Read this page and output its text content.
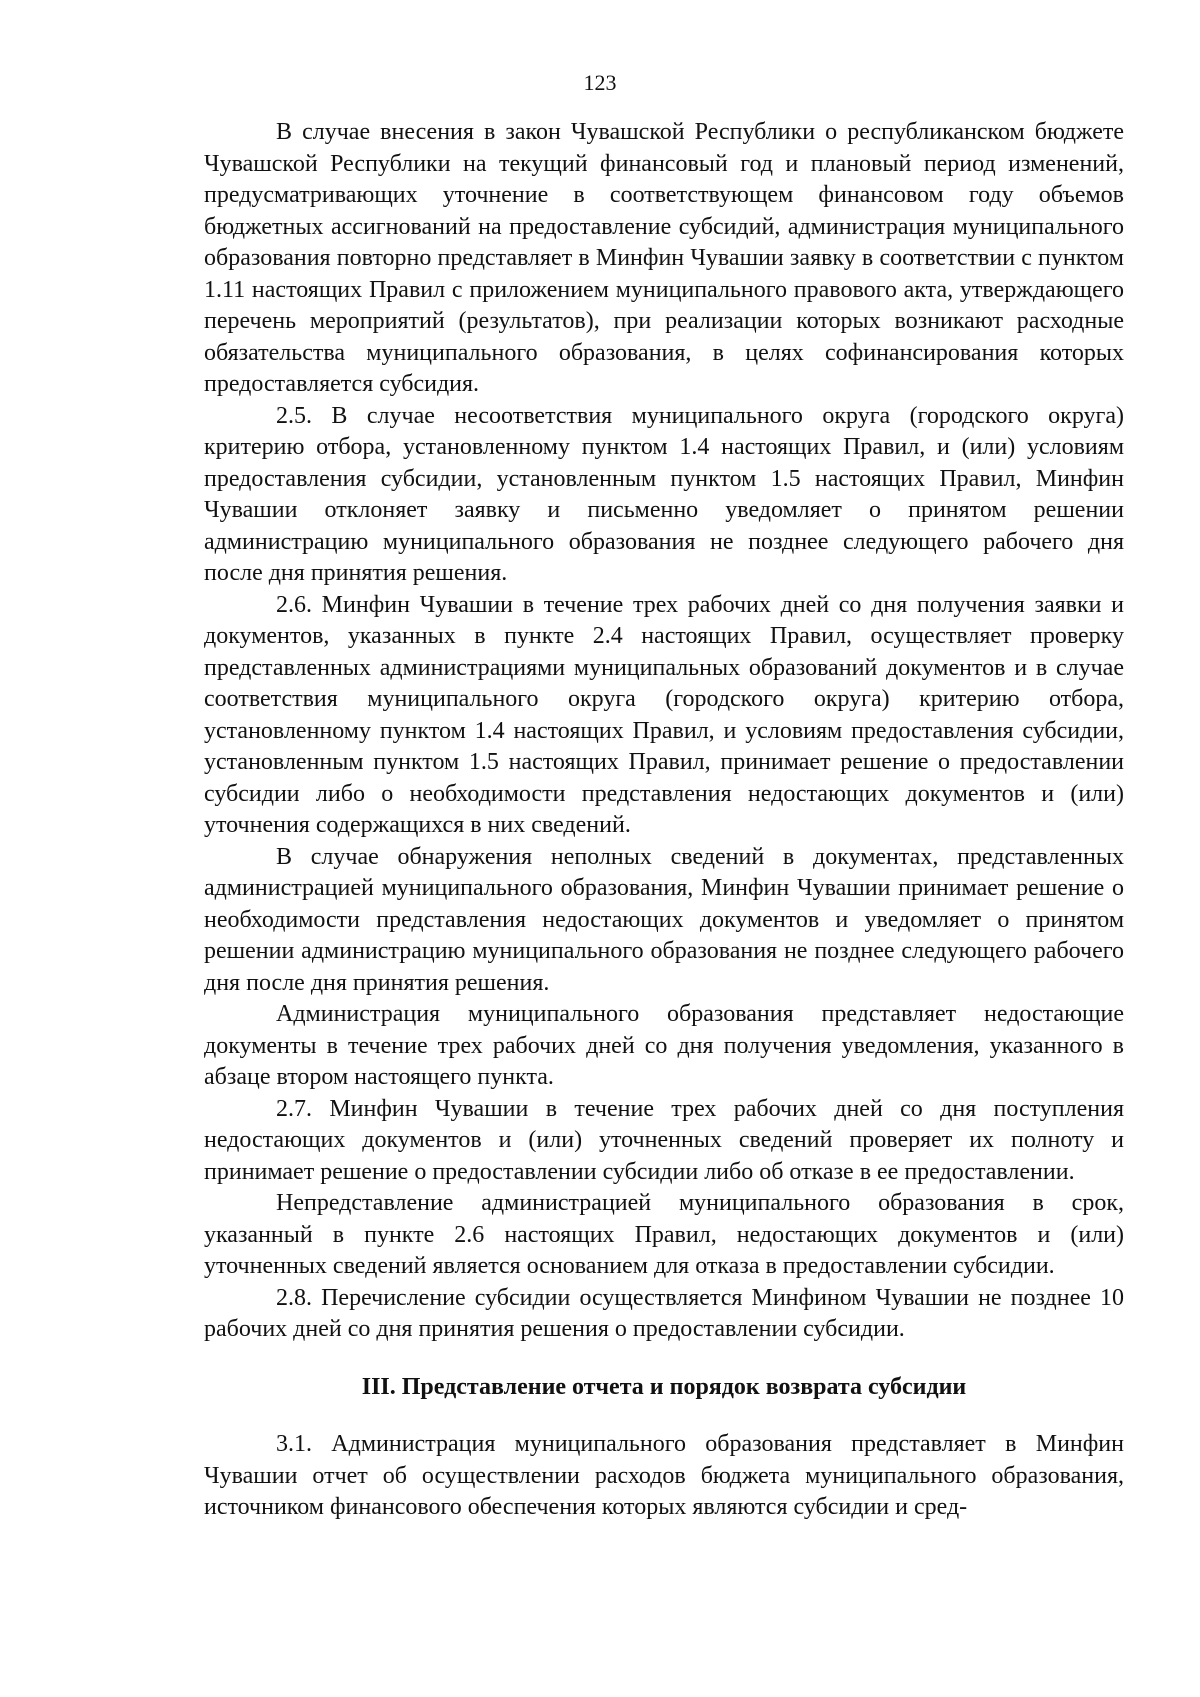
123

В случае внесения в закон Чувашской Республики о республиканском бюджете Чувашской Республики на текущий финансовый год и плановый период изменений, предусматривающих уточнение в соответствующем финансовом году объемов бюджетных ассигнований на предоставление субсидий, администрация муниципального образования повторно представляет в Минфин Чувашии заявку в соответствии с пунктом 1.11 настоящих Правил с приложением муниципального правового акта, утверждающего перечень мероприятий (результатов), при реализации которых возникают расходные обязательства муниципального образования, в целях софинансирования которых предоставляется субсидия.

2.5. В случае несоответствия муниципального округа (городского округа) критерию отбора, установленному пунктом 1.4 настоящих Правил, и (или) условиям предоставления субсидии, установленным пунктом 1.5 настоящих Правил, Минфин Чувашии отклоняет заявку и письменно уведомляет о принятом решении администрацию муниципального образования не позднее следующего рабочего дня после дня принятия решения.

2.6. Минфин Чувашии в течение трех рабочих дней со дня получения заявки и документов, указанных в пункте 2.4 настоящих Правил, осуществляет проверку представленных администрациями муниципальных образований документов и в случае соответствия муниципального округа (городского округа) критерию отбора, установленному пунктом 1.4 настоящих Правил, и условиям предоставления субсидии, установленным пунктом 1.5 настоящих Правил, принимает решение о предоставлении субсидии либо о необходимости представления недостающих документов и (или) уточнения содержащихся в них сведений.

В случае обнаружения неполных сведений в документах, представленных администрацией муниципального образования, Минфин Чувашии принимает решение о необходимости представления недостающих документов и уведомляет о принятом решении администрацию муниципального образования не позднее следующего рабочего дня после дня принятия решения.

Администрация муниципального образования представляет недостающие документы в течение трех рабочих дней со дня получения уведомления, указанного в абзаце втором настоящего пункта.

2.7. Минфин Чувашии в течение трех рабочих дней со дня поступления недостающих документов и (или) уточненных сведений проверяет их полноту и принимает решение о предоставлении субсидии либо об отказе в ее предоставлении.

Непредставление администрацией муниципального образования в срок, указанный в пункте 2.6 настоящих Правил, недостающих документов и (или) уточненных сведений является основанием для отказа в предоставлении субсидии.

2.8. Перечисление субсидии осуществляется Минфином Чувашии не позднее 10 рабочих дней со дня принятия решения о предоставлении субсидии.

III. Представление отчета и порядок возврата субсидии

3.1. Администрация муниципального образования представляет в Минфин Чувашии отчет об осуществлении расходов бюджета муниципального образования, источником финансового обеспечения которых являются субсидии и сред-
